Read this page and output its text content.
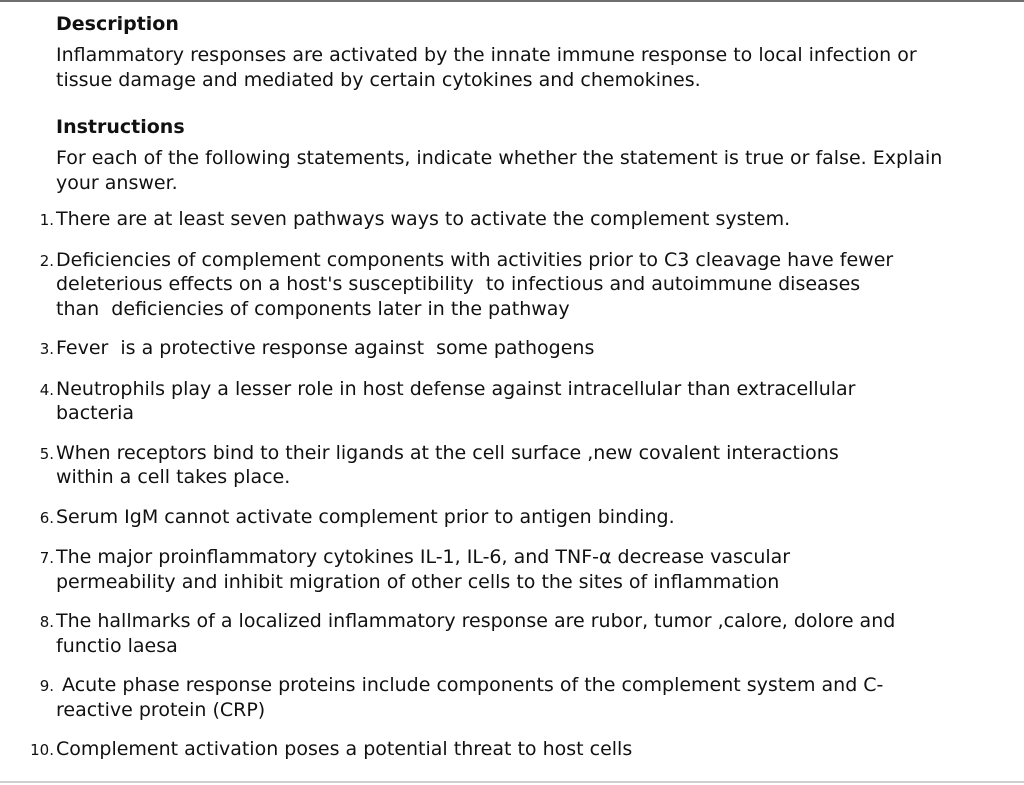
Description

Inflammatory responses are activated by the innate immune response to local infection or tissue damage and mediated by certain cytokines and chemokines.

Instructions

For each of the following statements, indicate whether the statement is true or false. Explain your answer.

1. There are at least seven pathways ways to activate the complement system.
2. Deficiencies of complement components with activities prior to C3 cleavage have fewer deleterious effects on a host's susceptibility  to infectious and autoimmune diseases than  deficiencies of components later in the pathway
3. Fever  is a protective response against  some pathogens
4. Neutrophils play a lesser role in host defense against intracellular than extracellular bacteria
5. When receptors bind to their ligands at the cell surface ,new covalent interactions within a cell takes place.
6. Serum IgM cannot activate complement prior to antigen binding.
7. The major proinflammatory cytokines IL-1, IL-6, and TNF-α decrease vascular permeability and inhibit migration of other cells to the sites of inflammation
8. The hallmarks of a localized inflammatory response are rubor, tumor ,calore, dolore and functio laesa
9. Acute phase response proteins include components of the complement system and C-reactive protein (CRP)
10. Complement activation poses a potential threat to host cells
